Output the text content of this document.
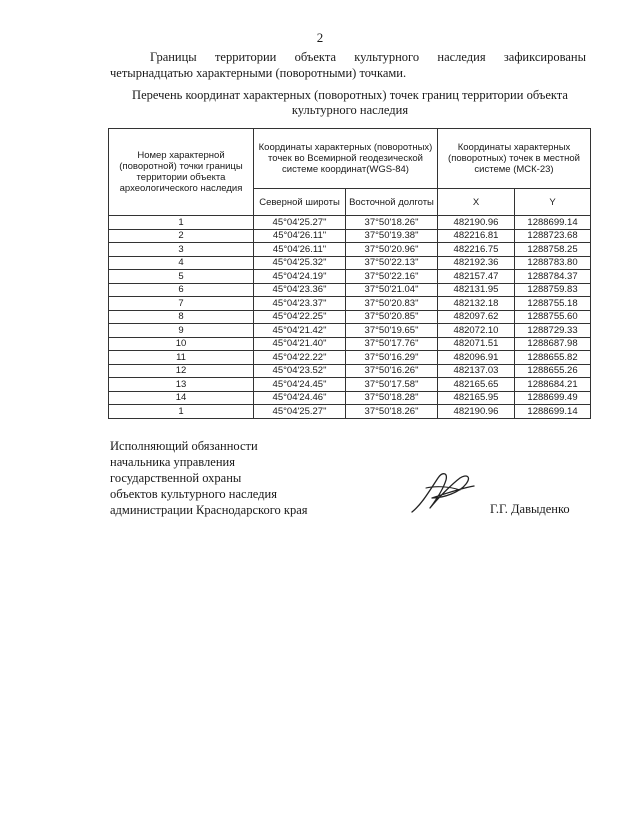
2
Границы территории объекта культурного наследия зафиксированы четырнадцатью характерными (поворотными) точками.
Перечень координат характерных (поворотных) точек границ территории объекта культурного наследия
Номер характерной (поворотной) точки границы территории объекта археологического наследия	Координаты характерных (поворотных) точек во Всемирной геодезической системе координат(WGS-84)		Координаты характерных (поворотных) точек в местной системе (МСК-23)	
	Северной широты	Восточной долготы	X	Y
1	45°04'25.27"	37°50'18.26"	482190.96	1288699.14
2	45°04'26.11"	37°50'19.38"	482216.81	1288723.68
3	45°04'26.11"	37°50'20.96"	482216.75	1288758.25
4	45°04'25.32"	37°50'22.13"	482192.36	1288783.80
5	45°04'24.19"	37°50'22.16"	482157.47	1288784.37
6	45°04'23.36"	37°50'21.04"	482131.95	1288759.83
7	45°04'23.37"	37°50'20.83"	482132.18	1288755.18
8	45°04'22.25"	37°50'20.85"	482097.62	1288755.60
9	45°04'21.42"	37°50'19.65"	482072.10	1288729.33
10	45°04'21.40"	37°50'17.76"	482071.51	1288687.98
11	45°04'22.22"	37°50'16.29"	482096.91	1288655.82
12	45°04'23.52"	37°50'16.26"	482137.03	1288655.26
13	45°04'24.45"	37°50'17.58"	482165.65	1288684.21
14	45°04'24.46"	37°50'18.28"	482165.95	1288699.49
1	45°04'25.27"	37°50'18.26"	482190.96	1288699.14
Исполняющий обязанности
начальника управления
государственной охраны
объектов культурного наследия
администрации Краснодарского края	Г.Г. Давыденко
